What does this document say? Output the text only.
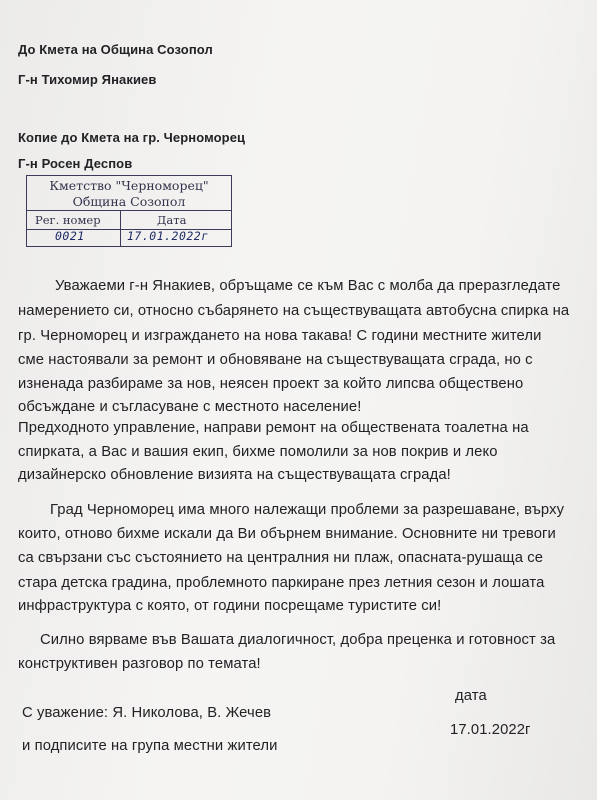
До Кмета на Община Созопол
Г-н Тихомир Янакиев
Копие до Кмета на гр. Черноморец
Г-н Росен Деспов
Кметство "Черноморец"
Община Созопол
Рег. номер	Дата
0021	17.01.2022г
Уважаеми г-н Янакиев, обръщаме се към Вас с молба да преразгледате
намерението си, относно събарянето на съществуващата автобусна спирка на
гр. Черноморец и изграждането на нова такава! С години местните жители
сме настоявали за ремонт и обновяване на съществуващата сграда, но с
изненада разбираме за нов, неясен проект за който липсва обществено
обсъждане и съгласуване с местното население!
Предходното управление, направи ремонт на обществената тоалетна на
спирката, а Вас и вашия екип, бихме помолили за нов покрив и леко
дизайнерско обновление визията на съществуващата сграда!
Град Черноморец има много належащи проблеми за разрешаване, върху
които, отново бихме искали да Ви обърнем внимание. Основните ни тревоги
са свързани със състоянието на централния ни плаж, опасната-рушаща се
стара детска градина, проблемното паркиране през летния сезон и лошата
инфраструктура с която, от години посрещаме туристите си!
Силно вярваме във Вашата диалогичност, добра преценка и готовност за
конструктивен разговор по темата!
С уважение: Я. Николова, В. Жечев
и подписите на група местни жители
дата
17.01.2022г
